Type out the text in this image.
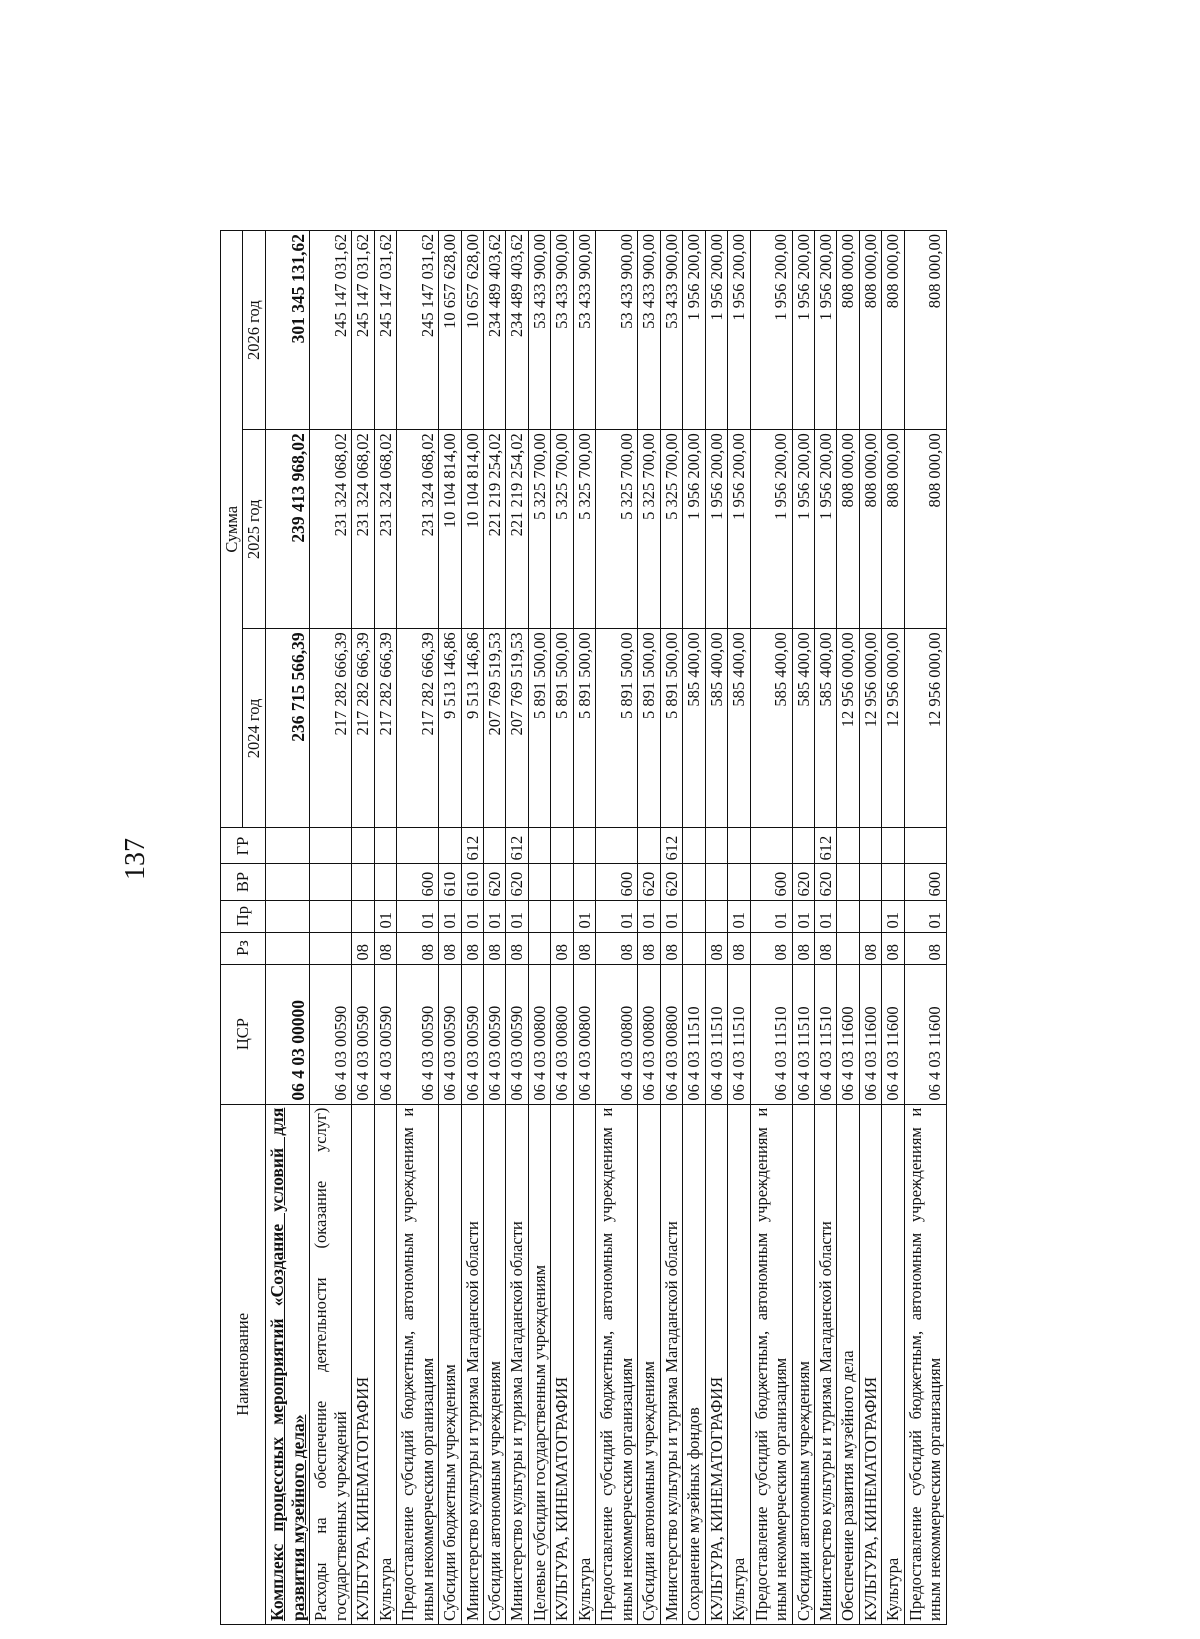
137
Наименование	ЦСР	Рз	Пр	ВР	ГР	Сумма		
						2024 год	2025 год	2026 год
Комплекс процессных мероприятий «Создание условий для развития музейного дела»	06 4 03 00000					236 715 566,39	239 413 968,02	301 345 131,62
Расходы на обеспечение деятельности (оказание услуг) государственных учреждений	06 4 03 00590					217 282 666,39	231 324 068,02	245 147 031,62
КУЛЬТУРА, КИНЕМАТОГРАФИЯ	06 4 03 00590	08				217 282 666,39	231 324 068,02	245 147 031,62
Культура	06 4 03 00590	08	01			217 282 666,39	231 324 068,02	245 147 031,62
Предоставление субсидий бюджетным, автономным учреждениям и иным некоммерческим организациям	06 4 03 00590	08	01	600		217 282 666,39	231 324 068,02	245 147 031,62
Субсидии бюджетным учреждениям	06 4 03 00590	08	01	610		9 513 146,86	10 104 814,00	10 657 628,00
Министерство культуры и туризма Магаданской области	06 4 03 00590	08	01	610	612	9 513 146,86	10 104 814,00	10 657 628,00
Субсидии автономным учреждениям	06 4 03 00590	08	01	620		207 769 519,53	221 219 254,02	234 489 403,62
Министерство культуры и туризма Магаданской области	06 4 03 00590	08	01	620	612	207 769 519,53	221 219 254,02	234 489 403,62
Целевые субсидии государственным учреждениям	06 4 03 00800					5 891 500,00	5 325 700,00	53 433 900,00
КУЛЬТУРА, КИНЕМАТОГРАФИЯ	06 4 03 00800	08				5 891 500,00	5 325 700,00	53 433 900,00
Культура	06 4 03 00800	08	01			5 891 500,00	5 325 700,00	53 433 900,00
Предоставление субсидий бюджетным, автономным учреждениям и иным некоммерческим организациям	06 4 03 00800	08	01	600		5 891 500,00	5 325 700,00	53 433 900,00
Субсидии автономным учреждениям	06 4 03 00800	08	01	620		5 891 500,00	5 325 700,00	53 433 900,00
Министерство культуры и туризма Магаданской области	06 4 03 00800	08	01	620	612	5 891 500,00	5 325 700,00	53 433 900,00
Сохранение музейных фондов	06 4 03 11510					585 400,00	1 956 200,00	1 956 200,00
КУЛЬТУРА, КИНЕМАТОГРАФИЯ	06 4 03 11510	08				585 400,00	1 956 200,00	1 956 200,00
Культура	06 4 03 11510	08	01			585 400,00	1 956 200,00	1 956 200,00
Предоставление субсидий бюджетным, автономным учреждениям и иным некоммерческим организациям	06 4 03 11510	08	01	600		585 400,00	1 956 200,00	1 956 200,00
Субсидии автономным учреждениям	06 4 03 11510	08	01	620		585 400,00	1 956 200,00	1 956 200,00
Министерство культуры и туризма Магаданской области	06 4 03 11510	08	01	620	612	585 400,00	1 956 200,00	1 956 200,00
Обеспечение развития музейного дела	06 4 03 11600					12 956 000,00	808 000,00	808 000,00
КУЛЬТУРА, КИНЕМАТОГРАФИЯ	06 4 03 11600	08				12 956 000,00	808 000,00	808 000,00
Культура	06 4 03 11600	08	01			12 956 000,00	808 000,00	808 000,00
Предоставление субсидий бюджетным, автономным учреждениям и иным некоммерческим организациям	06 4 03 11600	08	01	600		12 956 000,00	808 000,00	808 000,00
